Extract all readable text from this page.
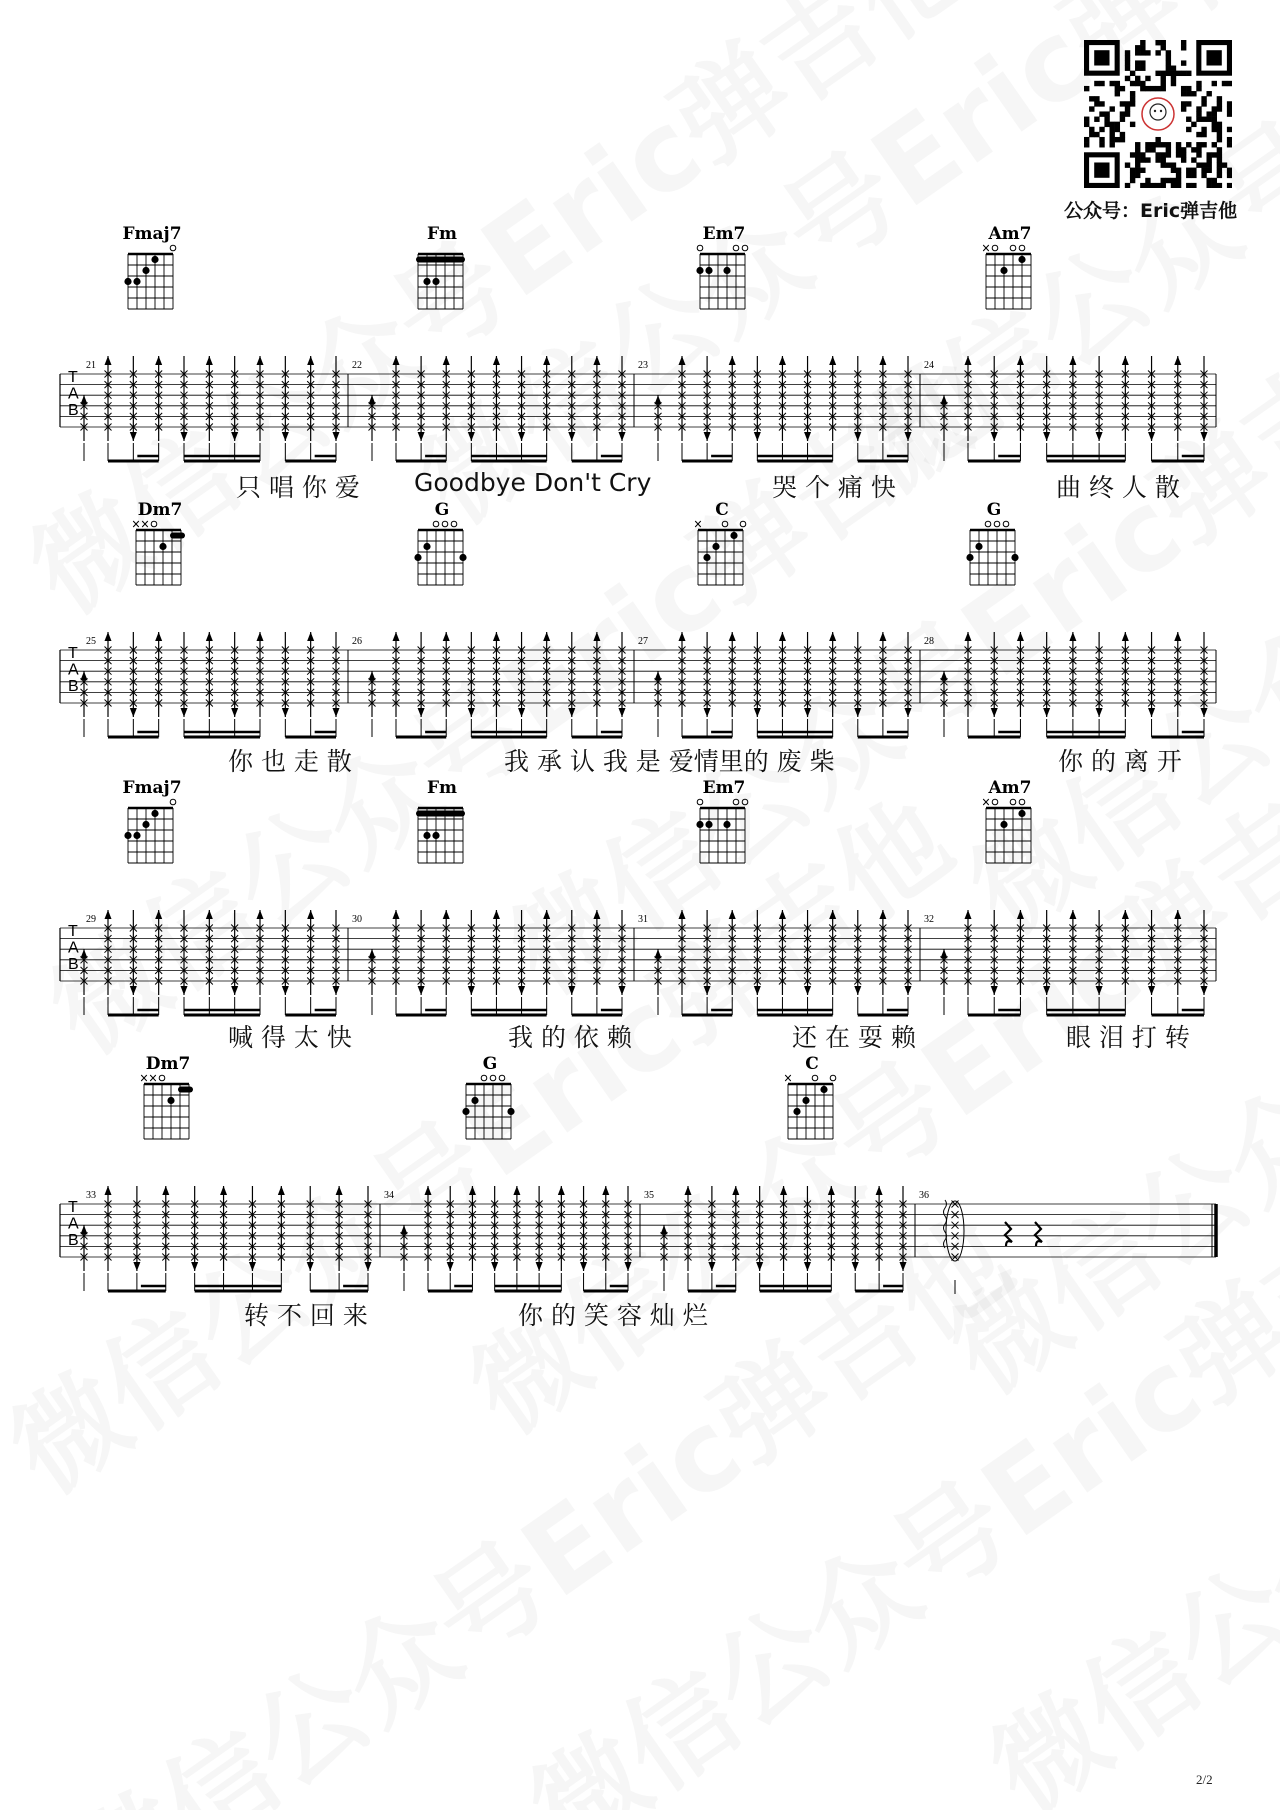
公众号：Eric弹吉他
Fmaj7	Fm	Em7	Am7
T
A
B
21	22	23	24
只 唱 你 爱 Goodbye Don't Cry	哭 个 痛 快	曲 终 人 散
Dm7	G	C	G
T
A
B
25	26	27	28
你 也 走 散	我 承 认 我 是 爱情里的 废 柴	你 的 离 开
Fmaj7	Fm	Em7	Am7
T
A
B
29	30	31	32
喊 得 太 快	我 的 依 赖	还 在 耍 赖	眼 泪 打 转
Dm7	G	C
T
A
B
33	34	35	36
转 不 回 来	你 的 笑 容 灿 烂
2/2
